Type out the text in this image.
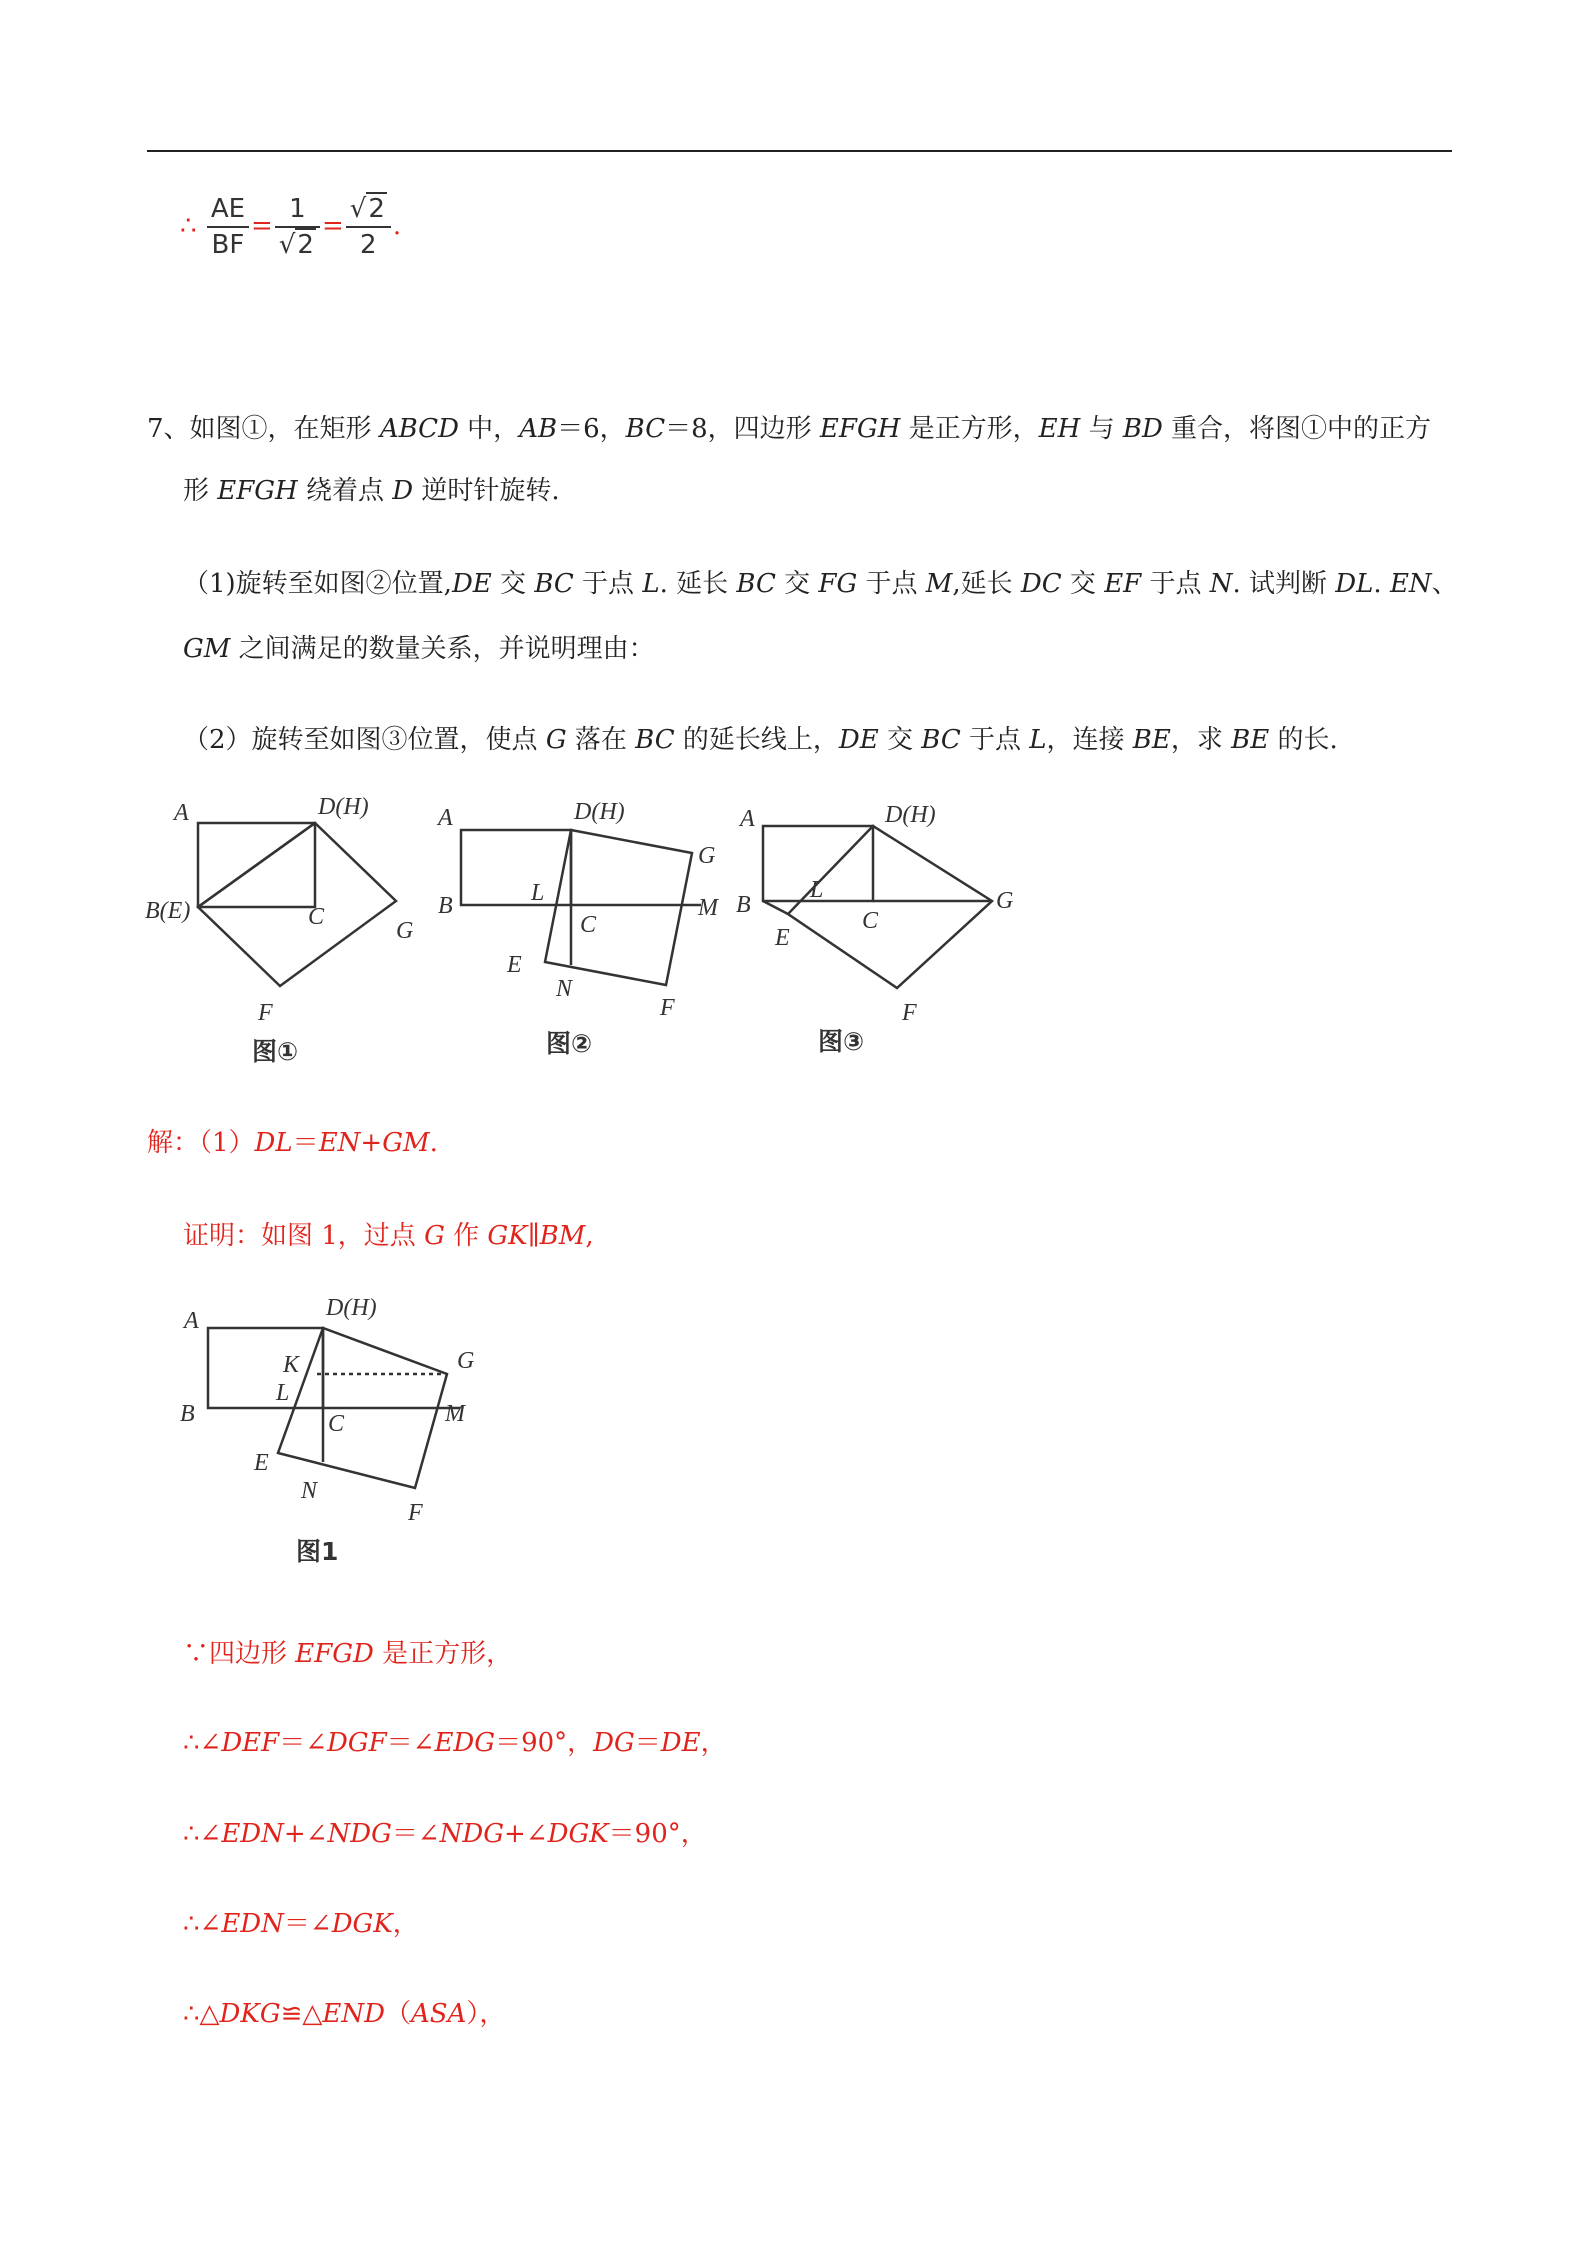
∴ $\frac{AE}{BF} = \frac{1}{√2} = \frac{√2}{2}$ .
7、如图①，在矩形 ABCD 中，AB＝6，BC＝8，四边形 EFGH 是正方形，EH 与 BD 重合，将图①中的正方
形 EFGH 绕着点 D 逆时针旋转.
（1)旋转至如图②位置,DE 交 BC 于点 L. 延长 BC 交 FG 于点 M,延长 DC 交 EF 于点 N. 试判断 DL. EN、
GM 之间满足的数量关系，并说明理由：
（2）旋转至如图③位置，使点 G 落在 BC 的延长线上，DE 交 BC 于点 L，连接 BE，求 BE 的长.
A	D(H)
B(E)	C
G
F
图①
A	D(H)
G
B	L
C
M
E
N
F
图②
A	D(H)
B
L
C
G
E
F
图③
解：（1）DL＝EN+GM.
证明：如图 1，过点 G 作 GK∥BM,
A	D(H)
K	G
L
B	C	M
E
N
F
图1
∵四边形 EFGD 是正方形，
∴∠DEF＝∠DGF＝∠EDG＝90°，DG＝DE，
∴∠EDN+∠NDG＝∠NDG+∠DGK＝90°，
∴∠EDN＝∠DGK，
∴△DKG≌△END（ASA），
